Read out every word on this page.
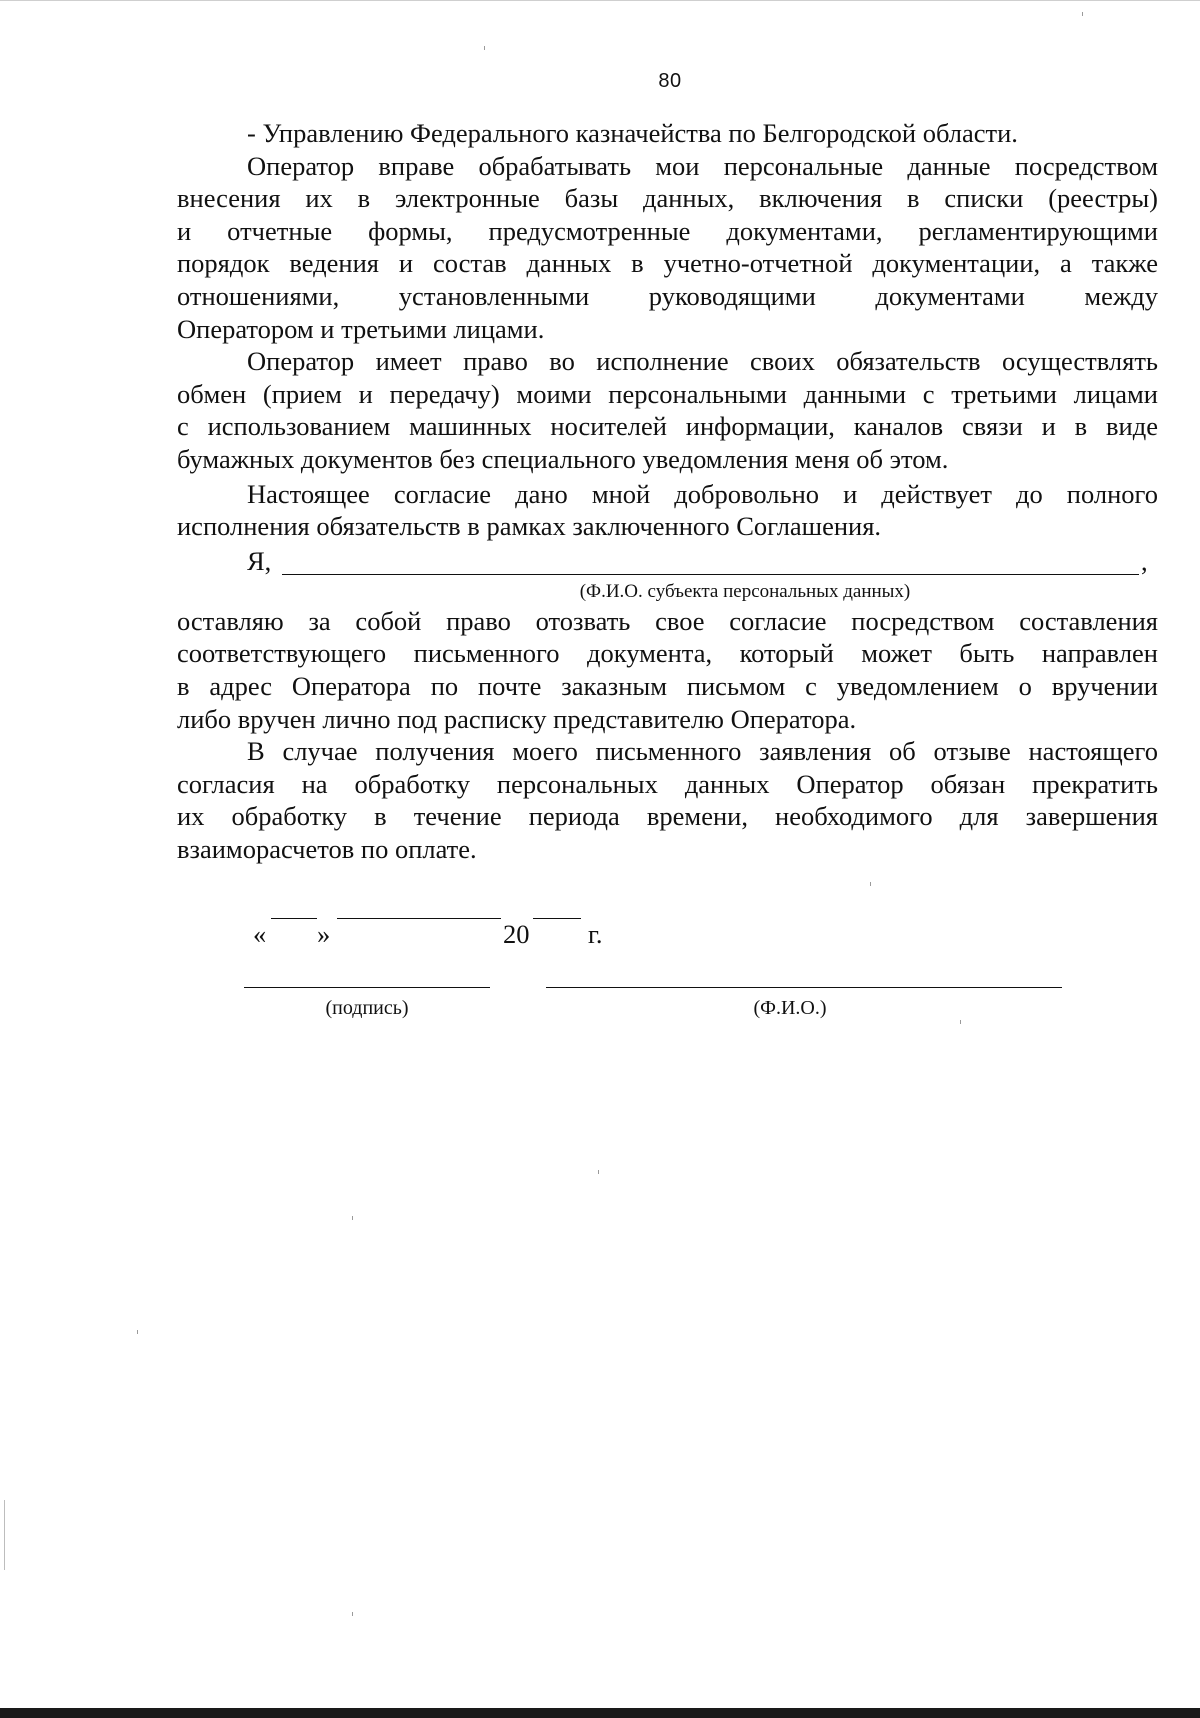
80

- Управлению Федерального казначейства по Белгородской области.

Оператор вправе обрабатывать мои персональные данные посредством
внесения их в электронные базы данных, включения в списки (реестры)
и отчетные формы, предусмотренные документами, регламентирующими
порядок ведения и состав данных в учетно-отчетной документации, а также
отношениями, установленными руководящими документами между
Оператором и третьими лицами.
Оператор имеет право во исполнение своих обязательств осуществлять
обмен (прием и передачу) моими персональными данными с третьими лицами
с использованием машинных носителей информации, каналов связи и в виде
бумажных документов без специального уведомления меня об этом.
Настоящее согласие дано мной добровольно и действует до полного
исполнения обязательств в рамках заключенного Соглашения.
Я,	,
(Ф.И.О. субъекта персональных данных)
оставляю за собой право отозвать свое согласие посредством составления
соответствующего письменного документа, который может быть направлен
в адрес Оператора по почте заказным письмом с уведомлением о вручении
либо вручен лично под расписку представителю Оператора.
В случае получения моего письменного заявления об отзыве настоящего
согласия на обработку персональных данных Оператор обязан прекратить
их обработку в течение периода времени, необходимого для завершения
взаиморасчетов по оплате.
« »	20 г.
(подпись)	(Ф.И.О.)
